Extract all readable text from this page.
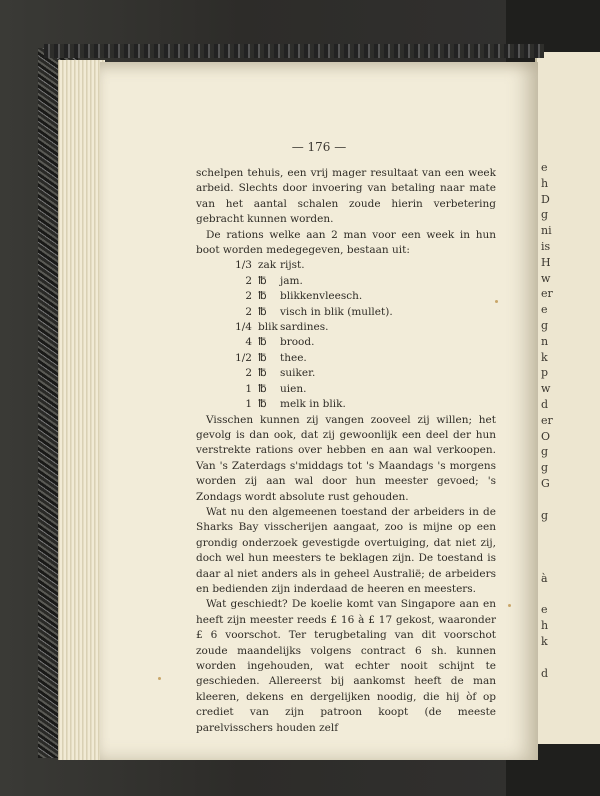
e
h
D
g
ni
is
H
w
er
e
g
n
k
p
w
d
er
O
g
g
G
g
à
e
h
k
d
— 176 —
schelpen tehuis, een vrij mager resultaat van een week arbeid. Slechts door invoering van betaling naar mate van het aantal schalen zoude hierin verbetering gebracht kunnen worden.
De rations welke aan 2 man voor een week in hun boot worden medegegeven, bestaan uit:
1/3	zak	rijst.
2	℔	jam.
2	℔	blikkenvleesch.
2	℔	visch in blik (mullet).
1/4	blik	sardines.
4	℔	brood.
1/2	℔	thee.
2	℔	suiker.
1	℔	uien.
1	℔	melk in blik.
Visschen kunnen zij vangen zooveel zij willen; het gevolg is dan ook, dat zij gewoonlijk een deel der hun verstrekte rations over hebben en aan wal verkoopen. Van 's Zaterdags s'middags tot 's Maandags 's morgens worden zij aan wal door hun meester gevoed; 's Zondags wordt absolute rust gehouden.
Wat nu den algemeenen toestand der arbeiders in de Sharks Bay visscherijen aangaat, zoo is mijne op een grondig onderzoek gevestigde overtuiging, dat niet zij, doch wel hun meesters te beklagen zijn. De toestand is daar al niet anders als in geheel Australië; de arbeiders en bedienden zijn inderdaad de heeren en meesters.
Wat geschiedt? De koelie komt van Singapore aan en heeft zijn meester reeds £ 16 à £ 17 gekost, waaronder £ 6 voorschot. Ter terugbetaling van dit voorschot zoude maandelijks volgens contract 6 sh. kunnen worden ingehouden, wat echter nooit schijnt te geschieden. Allereerst bij aankomst heeft de man kleeren, dekens en dergelijken noodig, die hij òf op crediet van zijn patroon koopt (de meeste parelvisschers houden zelf
